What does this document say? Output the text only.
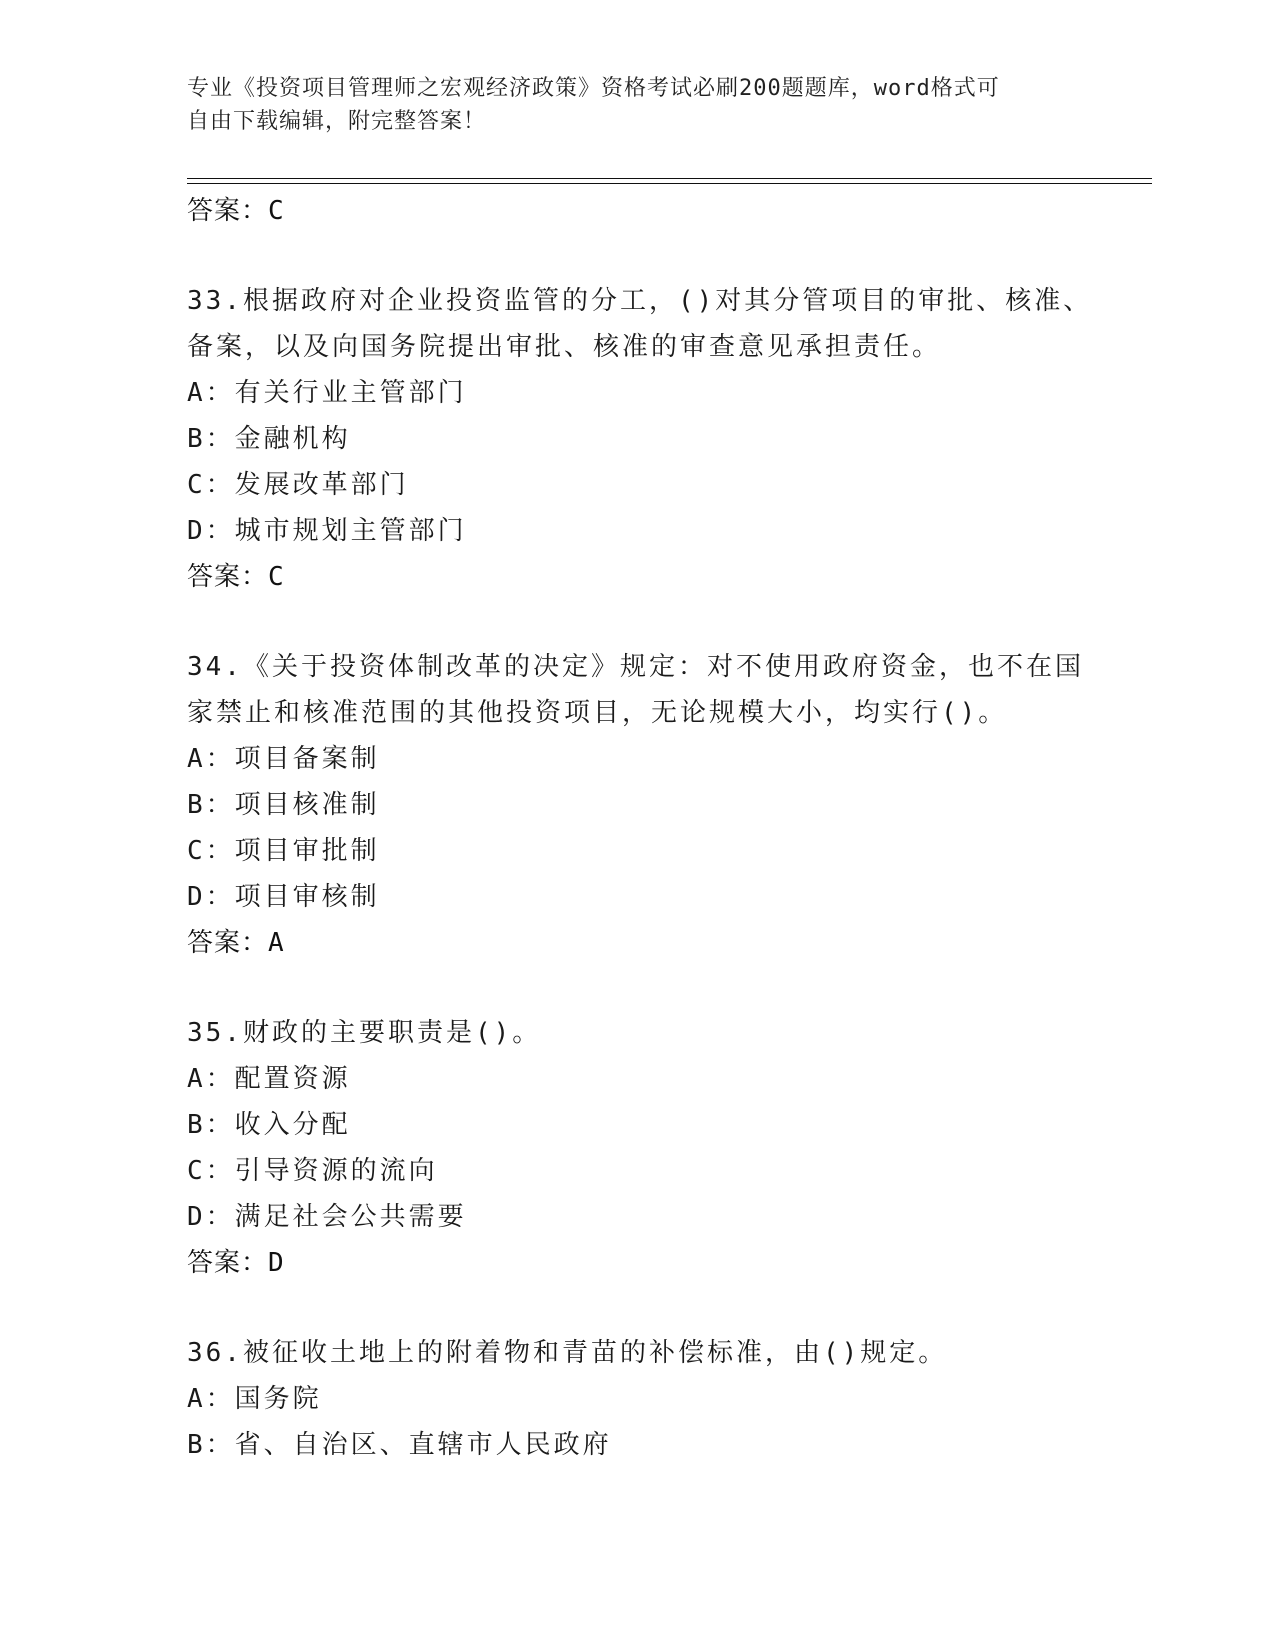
专业《投资项目管理师之宏观经济政策》资格考试必刷200题题库，word格式可
自由下载编辑，附完整答案！
答案：C
33.根据政府对企业投资监管的分工，()对其分管项目的审批、核准、
备案，以及向国务院提出审批、核准的审查意见承担责任。
A：有关行业主管部门
B：金融机构
C：发展改革部门
D：城市规划主管部门
答案：C
34.《关于投资体制改革的决定》规定：对不使用政府资金，也不在国
家禁止和核准范围的其他投资项目，无论规模大小，均实行()。
A：项目备案制
B：项目核准制
C：项目审批制
D：项目审核制
答案：A
35.财政的主要职责是()。
A：配置资源
B：收入分配
C：引导资源的流向
D：满足社会公共需要
答案：D
36.被征收土地上的附着物和青苗的补偿标准，由()规定。
A：国务院
B：省、自治区、直辖市人民政府
